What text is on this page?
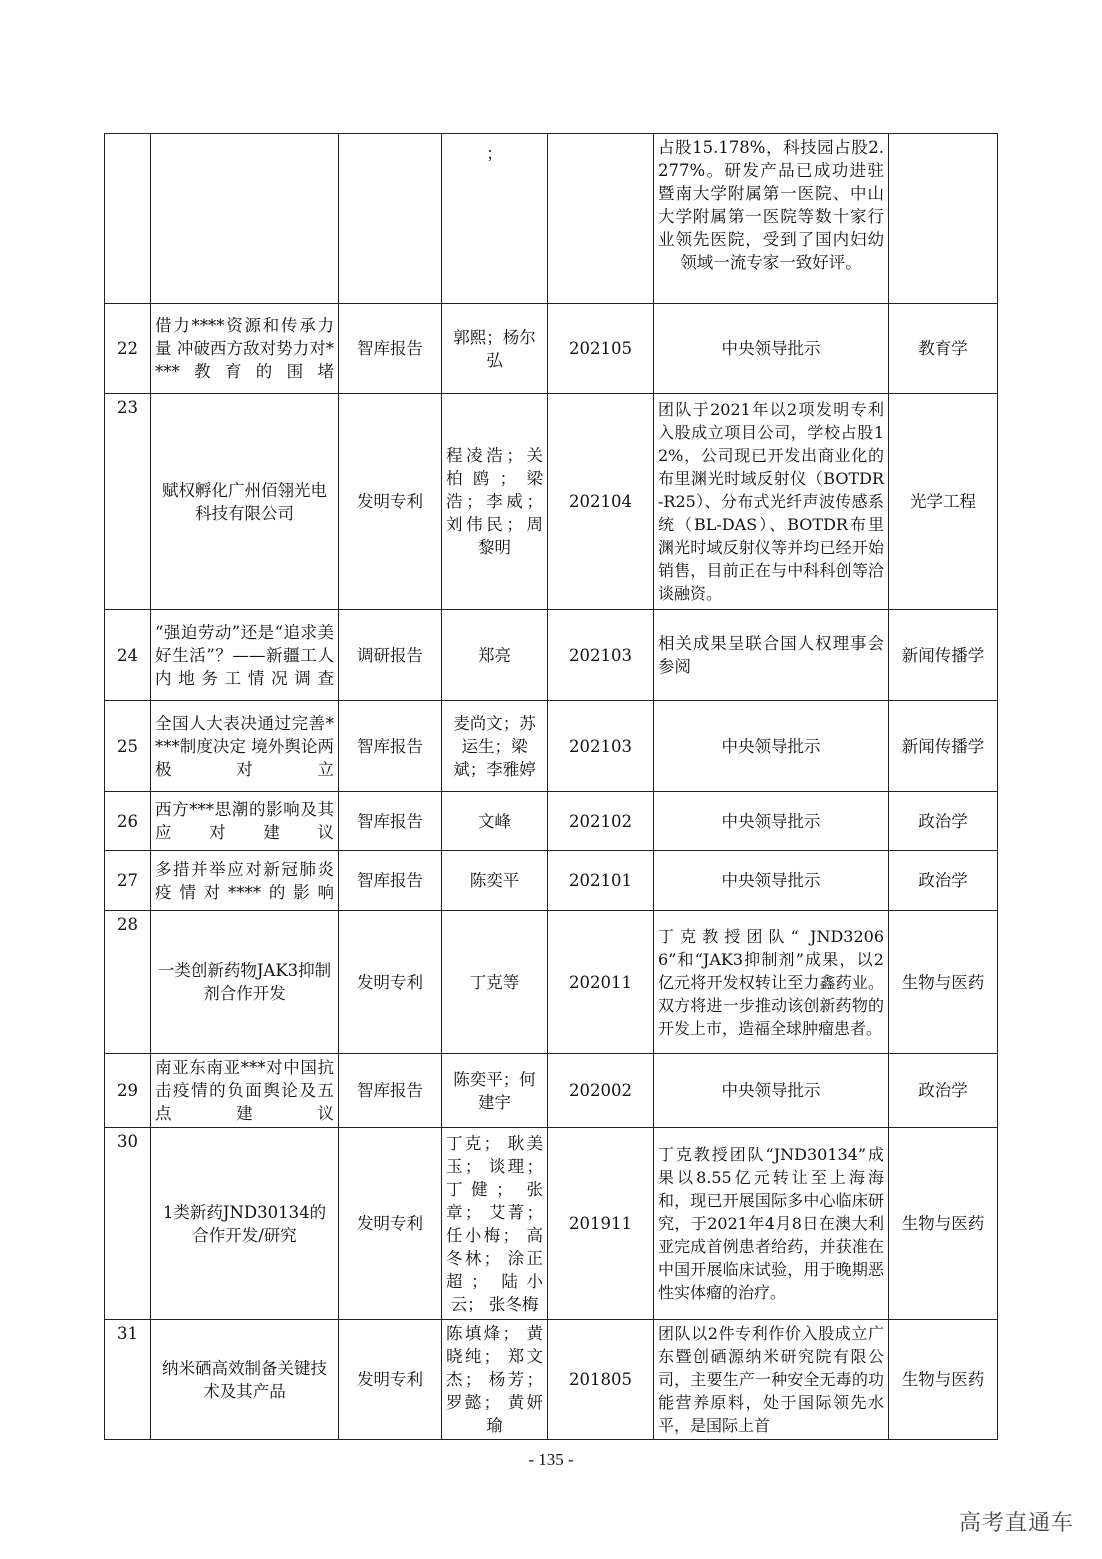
			；		占股15.178%，科技园占股2.277%。研发产品已成功进驻暨南大学附属第一医院、中山大学附属第一医院等数十家行业领先医院，受到了国内妇幼领域一流专家一致好评。	
22	借力****资源和传承力量 冲破西方敌对势力对****教育的围堵	智库报告	郭熙；杨尔弘	202105	中央领导批示	教育学
23	赋权孵化广州佰翎光电科技有限公司	发明专利	程凌浩；关柏鸥；梁浩；李威；刘伟民；周黎明	202104	团队于2021年以2项发明专利入股成立项目公司，学校占股12%，公司现已开发出商业化的布里渊光时域反射仪（BOTDR-R25）、分布式光纤声波传感系统（BL-DAS）、BOTDR布里渊光时域反射仪等并均已经开始销售，目前正在与中科科创等洽谈融资。	光学工程
24	“强迫劳动”还是“追求美好生活”？——新疆工人内地务工情况调查	调研报告	郑亮	202103	相关成果呈联合国人权理事会参阅	新闻传播学
25	全国人大表决通过完善****制度决定 境外舆论两极对立	智库报告	麦尚文；苏运生；梁斌；李雅婷	202103	中央领导批示	新闻传播学
26	西方***思潮的影响及其应对建议	智库报告	文峰	202102	中央领导批示	政治学
27	多措并举应对新冠肺炎疫情对****的影响	智库报告	陈奕平	202101	中央领导批示	政治学
28	一类创新药物JAK3抑制剂合作开发	发明专利	丁克等	202011	丁克教授团队“ JND32066”和“JAK3抑制剂”成果，以2亿元将开发权转让至力鑫药业。双方将进一步推动该创新药物的开发上市，造福全球肿瘤患者。	生物与医药
29	南亚东南亚***对中国抗击疫情的负面舆论及五点建议	智库报告	陈奕平；何建宇	202002	中央领导批示	政治学
30	1类新药JND30134的合作开发/研究	发明专利	丁克； 耿美玉； 谈理；丁健； 张章； 艾菁；任小梅； 高冬林； 涂正超； 陆小云； 张冬梅	201911	丁克教授团队“JND30134”成果以8.55亿元转让至上海海和，现已开展国际多中心临床研究，于2021年4月8日在澳大利亚完成首例患者给药，并获准在中国开展临床试验，用于晚期恶性实体瘤的治疗。	生物与医药
31	纳米硒高效制备关键技术及其产品	发明专利	陈填烽； 黄晓纯； 郑文杰； 杨芳； 罗懿； 黄妍瑜	201805	团队以2件专利作价入股成立广东暨创硒源纳米研究院有限公司，主要生产一种安全无毒的功能营养原料，处于国际领先水平，是国际上首	生物与医药
- 135 -
高考直通车
